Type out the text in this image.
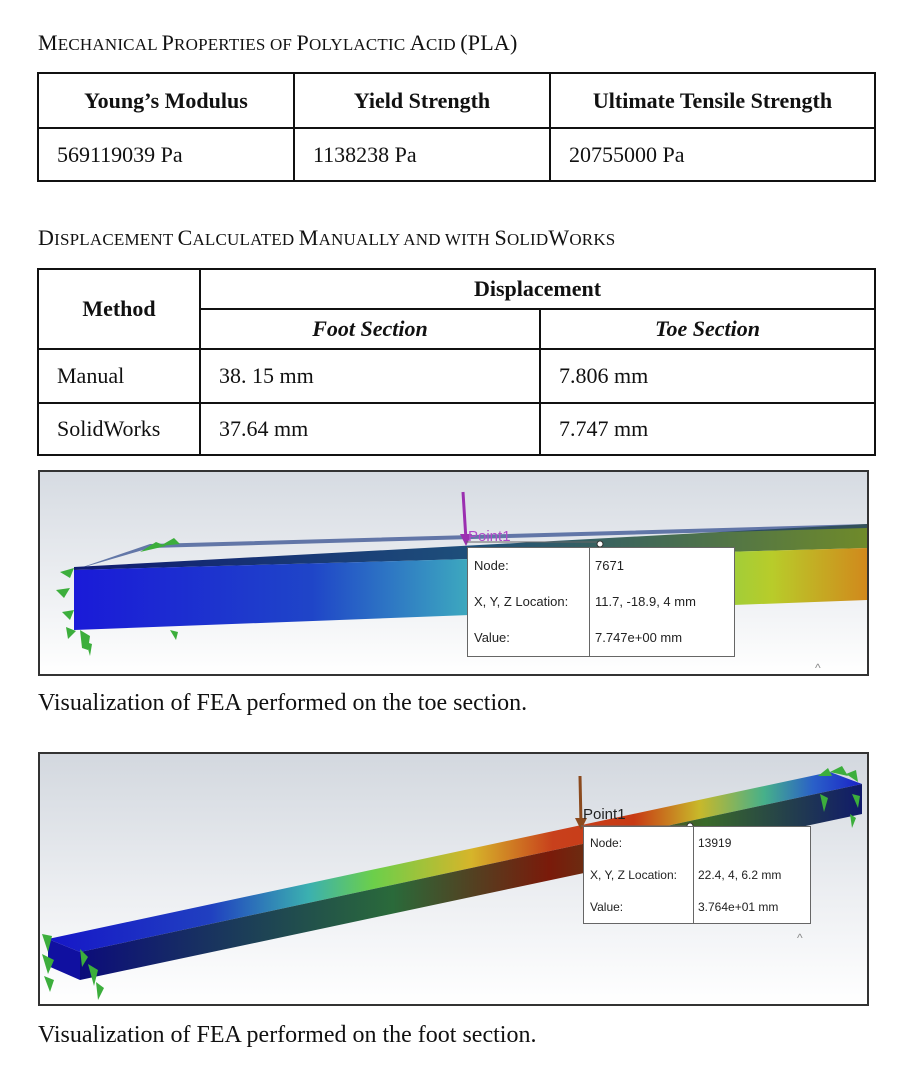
MECHANICAL PROPERTIES OF POLYLACTIC ACID (PLA)
Young’s Modulus	Yield Strength	Ultimate Tensile Strength
569119039 Pa	1138238 Pa	20755000 Pa
DISPLACEMENT CALCULATED MANUALLY AND WITH SOLIDWORKS
Method	Displacement	
	Foot Section	Toe Section
Manual	38. 15 mm	7.806 mm
SolidWorks	37.64 mm	7.747 mm
^
Point1
Node:	7671
X, Y, Z Location: 11.7, -18.9, 4 mm
Value:	7.747e+00 mm
Visualization of FEA performed on the toe section.
^
Point1
Node:	13919
X, Y, Z Location: 22.4, 4, 6.2 mm
Value:	3.764e+01 mm
Visualization of FEA performed on the foot section.
